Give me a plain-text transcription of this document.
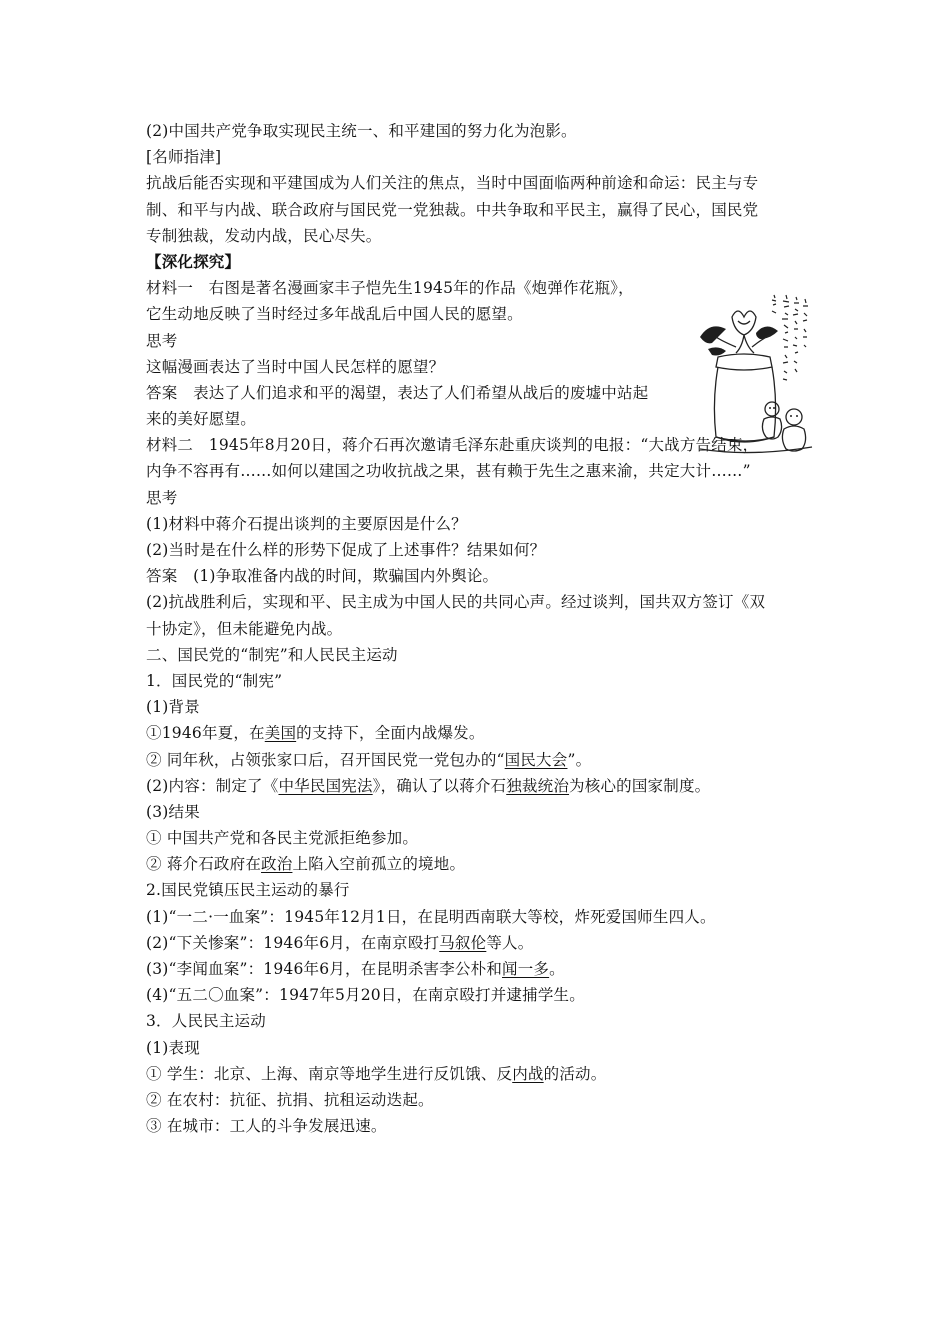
(2)中国共产党争取实现民主统一、和平建国的努力化为泡影。
[名师指津]
抗战后能否实现和平建国成为人们关注的焦点，当时中国面临两种前途和命运：民主与专
制、和平与内战、联合政府与国民党一党独裁。中共争取和平民主，赢得了民心，国民党
专制独裁，发动内战，民心尽失。
【深化探究】
材料一　右图是著名漫画家丰子恺先生1945年的作品《炮弹作花瓶》，
它生动地反映了当时经过多年战乱后中国人民的愿望。
思考
这幅漫画表达了当时中国人民怎样的愿望？
答案　表达了人们追求和平的渴望，表达了人们希望从战后的废墟中站起
来的美好愿望。
材料二　1945年8月20日，蒋介石再次邀请毛泽东赴重庆谈判的电报：“大战方告结束，
内争不容再有……如何以建国之功收抗战之果，甚有赖于先生之惠来渝，共定大计……”
思考
(1)材料中蒋介石提出谈判的主要原因是什么？
(2)当时是在什么样的形势下促成了上述事件？结果如何？
答案　(1)争取准备内战的时间，欺骗国内外舆论。
(2)抗战胜利后，实现和平、民主成为中国人民的共同心声。经过谈判，国共双方签订《双
十协定》，但未能避免内战。
二、国民党的“制宪”和人民民主运动
1．国民党的“制宪”
(1)背景
①1946年夏，在美国的支持下，全面内战爆发。
② 同年秋，占领张家口后，召开国民党一党包办的“国民大会”。
(2)内容：制定了《中华民国宪法》，确认了以蒋介石独裁统治为核心的国家制度。
(3)结果
① 中国共产党和各民主党派拒绝参加。
② 蒋介石政府在政治上陷入空前孤立的境地。
2.国民党镇压民主运动的暴行
(1)“一二·一血案”：1945年12月1日，在昆明西南联大等校，炸死爱国师生四人。
(2)“下关惨案”：1946年6月，在南京殴打马叙伦等人。
(3)“李闻血案”：1946年6月，在昆明杀害李公朴和闻一多。
(4)“五二〇血案”：1947年5月20日，在南京殴打并逮捕学生。
3．人民民主运动
(1)表现
① 学生：北京、上海、南京等地学生进行反饥饿、反内战的活动。
② 在农村：抗征、抗捐、抗租运动迭起。
③ 在城市：工人的斗争发展迅速。
